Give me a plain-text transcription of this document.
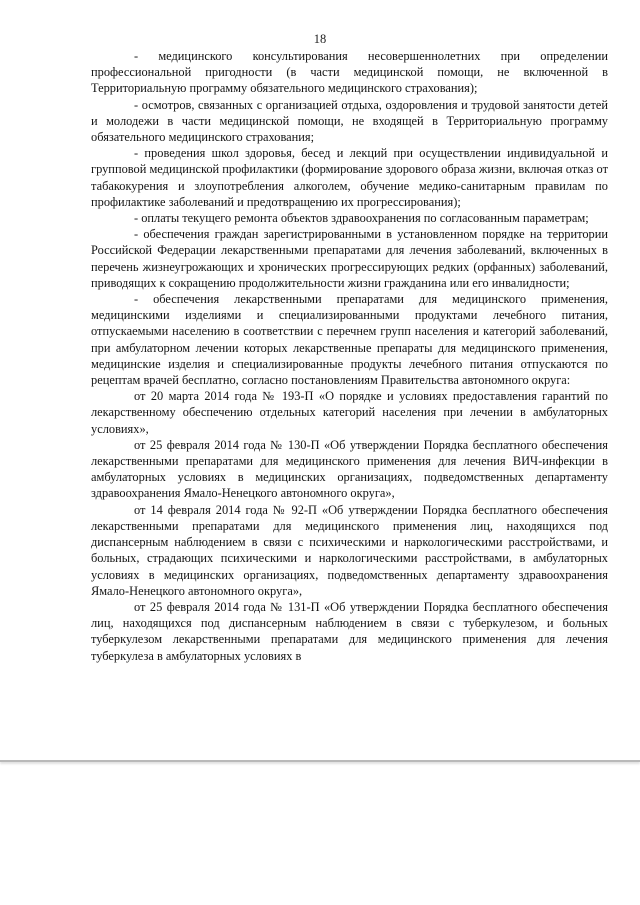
18

- медицинского консультирования несовершеннолетних при определении профессиональной пригодности (в части медицинской помощи, не включенной в Территориальную программу обязательного медицинского страхования);

- осмотров, связанных с организацией отдыха, оздоровления и трудовой занятости детей и молодежи в части медицинской помощи, не входящей в Территориальную программу обязательного медицинского страхования;

- проведения школ здоровья, бесед и лекций при осуществлении индивидуальной и групповой медицинской профилактики (формирование здорового образа жизни, включая отказ от табакокурения и злоупотребления алкоголем, обучение медико-санитарным правилам по профилактике заболеваний и предотвращению их прогрессирования);

- оплаты текущего ремонта объектов здравоохранения по согласованным параметрам;

- обеспечения граждан зарегистрированными в установленном порядке на территории Российской Федерации лекарственными препаратами для лечения заболеваний, включенных в перечень жизнеугрожающих и хронических прогрессирующих редких (орфанных) заболеваний, приводящих к сокращению продолжительности жизни гражданина или его инвалидности;

- обеспечения лекарственными препаратами для медицинского применения, медицинскими изделиями и специализированными продуктами лечебного питания, отпускаемыми населению в соответствии с перечнем групп населения и категорий заболеваний, при амбулаторном лечении которых лекарственные препараты для медицинского применения, медицинские изделия и специализированные продукты лечебного питания отпускаются по рецептам врачей бесплатно, согласно постановлениям Правительства автономного округа:

от 20 марта 2014 года № 193-П «О порядке и условиях предоставления гарантий по лекарственному обеспечению отдельных категорий населения при лечении в амбулаторных условиях»,

от 25 февраля 2014 года № 130-П «Об утверждении Порядка бесплатного обеспечения лекарственными препаратами для медицинского применения для лечения ВИЧ-инфекции в амбулаторных условиях в медицинских организациях, подведомственных департаменту здравоохранения Ямало-Ненецкого автономного округа»,

от 14 февраля 2014 года № 92-П «Об утверждении Порядка бесплатного обеспечения лекарственными препаратами для медицинского применения лиц, находящихся под диспансерным наблюдением в связи с психическими и наркологическими расстройствами, и больных, страдающих психическими и наркологическими расстройствами, в амбулаторных условиях в медицинских организациях, подведомственных департаменту здравоохранения Ямало-Ненецкого автономного округа»,

от 25 февраля 2014 года № 131-П «Об утверждении Порядка бесплатного обеспечения лиц, находящихся под диспансерным наблюдением в связи с туберкулезом, и больных туберкулезом лекарственными препаратами для медицинского применения для лечения туберкулеза в амбулаторных условиях в
